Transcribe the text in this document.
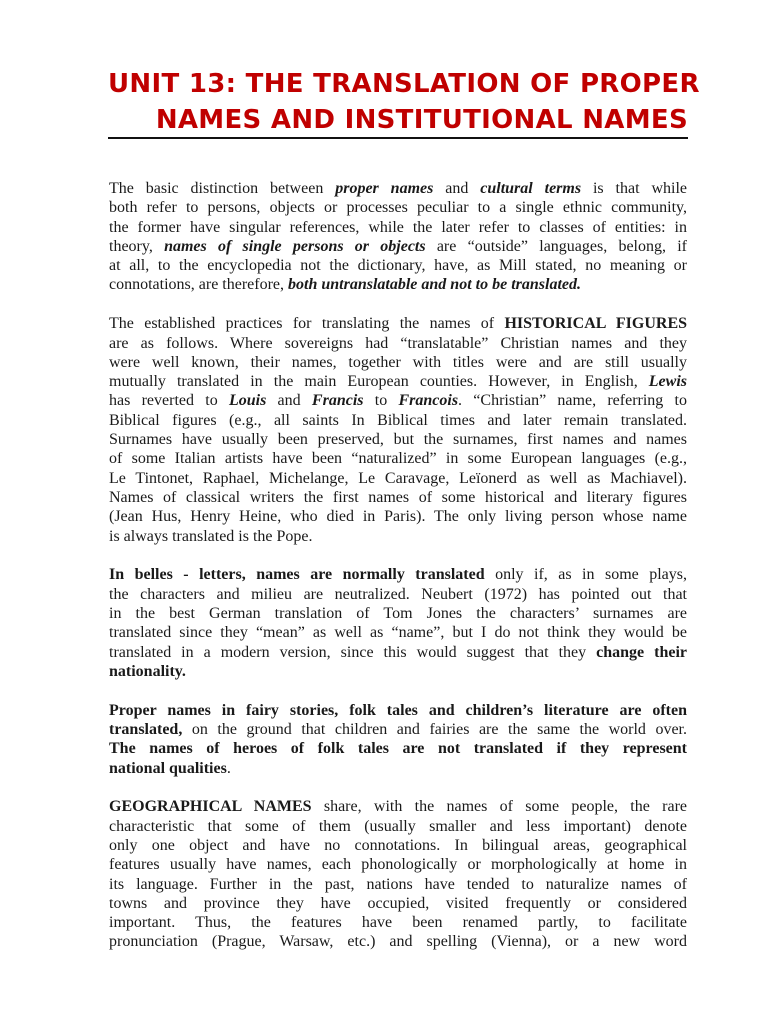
UNIT 13: THE TRANSLATION OF PROPER
NAMES AND INSTITUTIONAL NAMES
The basic distinction between proper names and cultural terms is that while
both refer to persons, objects or processes peculiar to a single ethnic community,
the former have singular references, while the later refer to classes of entities: in
theory, names of single persons or objects are “outside” languages, belong, if
at all, to the encyclopedia not the dictionary, have, as Mill stated, no meaning or
connotations, are therefore, both untranslatable and not to be translated.
The established practices for translating the names of HISTORICAL FIGURES
are as follows. Where sovereigns had “translatable” Christian names and they
were well known, their names, together with titles were and are still usually
mutually translated in the main European counties. However, in English, Lewis
has reverted to Louis and Francis to Francois. “Christian” name, referring to
Biblical figures (e.g., all saints In Biblical times and later remain translated.
Surnames have usually been preserved, but the surnames, first names and names
of some Italian artists have been “naturalized” in some European languages (e.g.,
Le Tintonet, Raphael, Michelange, Le Caravage, Leïonerd as well as Machiavel).
Names of classical writers the first names of some historical and literary figures
(Jean Hus, Henry Heine, who died in Paris). The only living person whose name
is always translated is the Pope.
In belles - letters, names are normally translated only if, as in some plays,
the characters and milieu are neutralized. Neubert (1972) has pointed out that
in the best German translation of Tom Jones the characters’ surnames are
translated since they “mean” as well as “name”, but I do not think they would be
translated in a modern version, since this would suggest that they change their
nationality.
Proper names in fairy stories, folk tales and children’s literature are often
translated, on the ground that children and fairies are the same the world over.
The names of heroes of folk tales are not translated if they represent
national qualities.
GEOGRAPHICAL NAMES share, with the names of some people, the rare
characteristic that some of them (usually smaller and less important) denote
only one object and have no connotations. In bilingual areas, geographical
features usually have names, each phonologically or morphologically at home in
its language. Further in the past, nations have tended to naturalize names of
towns and province they have occupied, visited frequently or considered
important. Thus, the features have been renamed partly, to facilitate
pronunciation (Prague, Warsaw, etc.) and spelling (Vienna), or a new word
